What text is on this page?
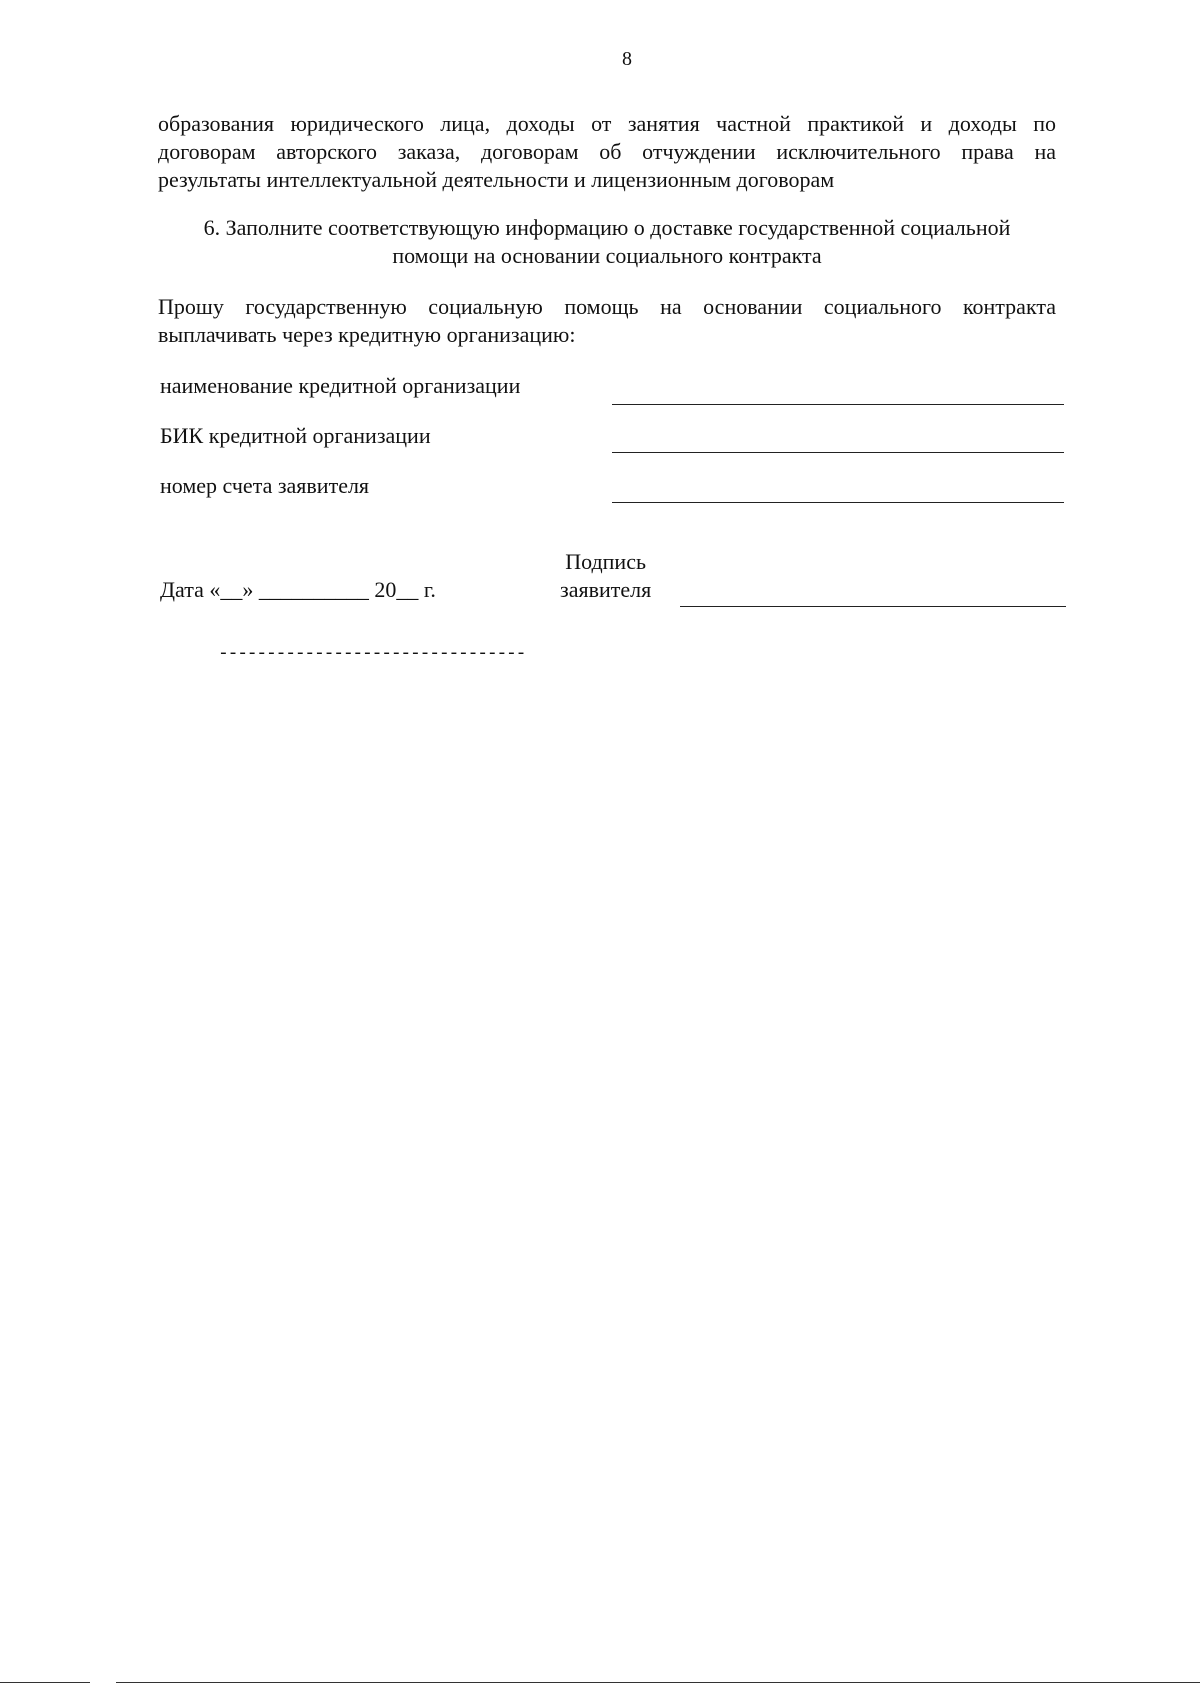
8
образования юридического лица, доходы от занятия частной практикой и доходы по
договорам авторского заказа, договорам об отчуждении исключительного права на
результаты интеллектуальной деятельности и лицензионным договорам
6. Заполните соответствующую информацию о доставке государственной социальной
помощи на основании социального контракта
Прошу государственную социальную помощь на основании социального контракта выплачивать через кредитную организацию:
наименование кредитной организации
БИК кредитной организации
номер счета заявителя
Дата «__» __________ 20__ г.
Подпись
заявителя
--------------------------------
